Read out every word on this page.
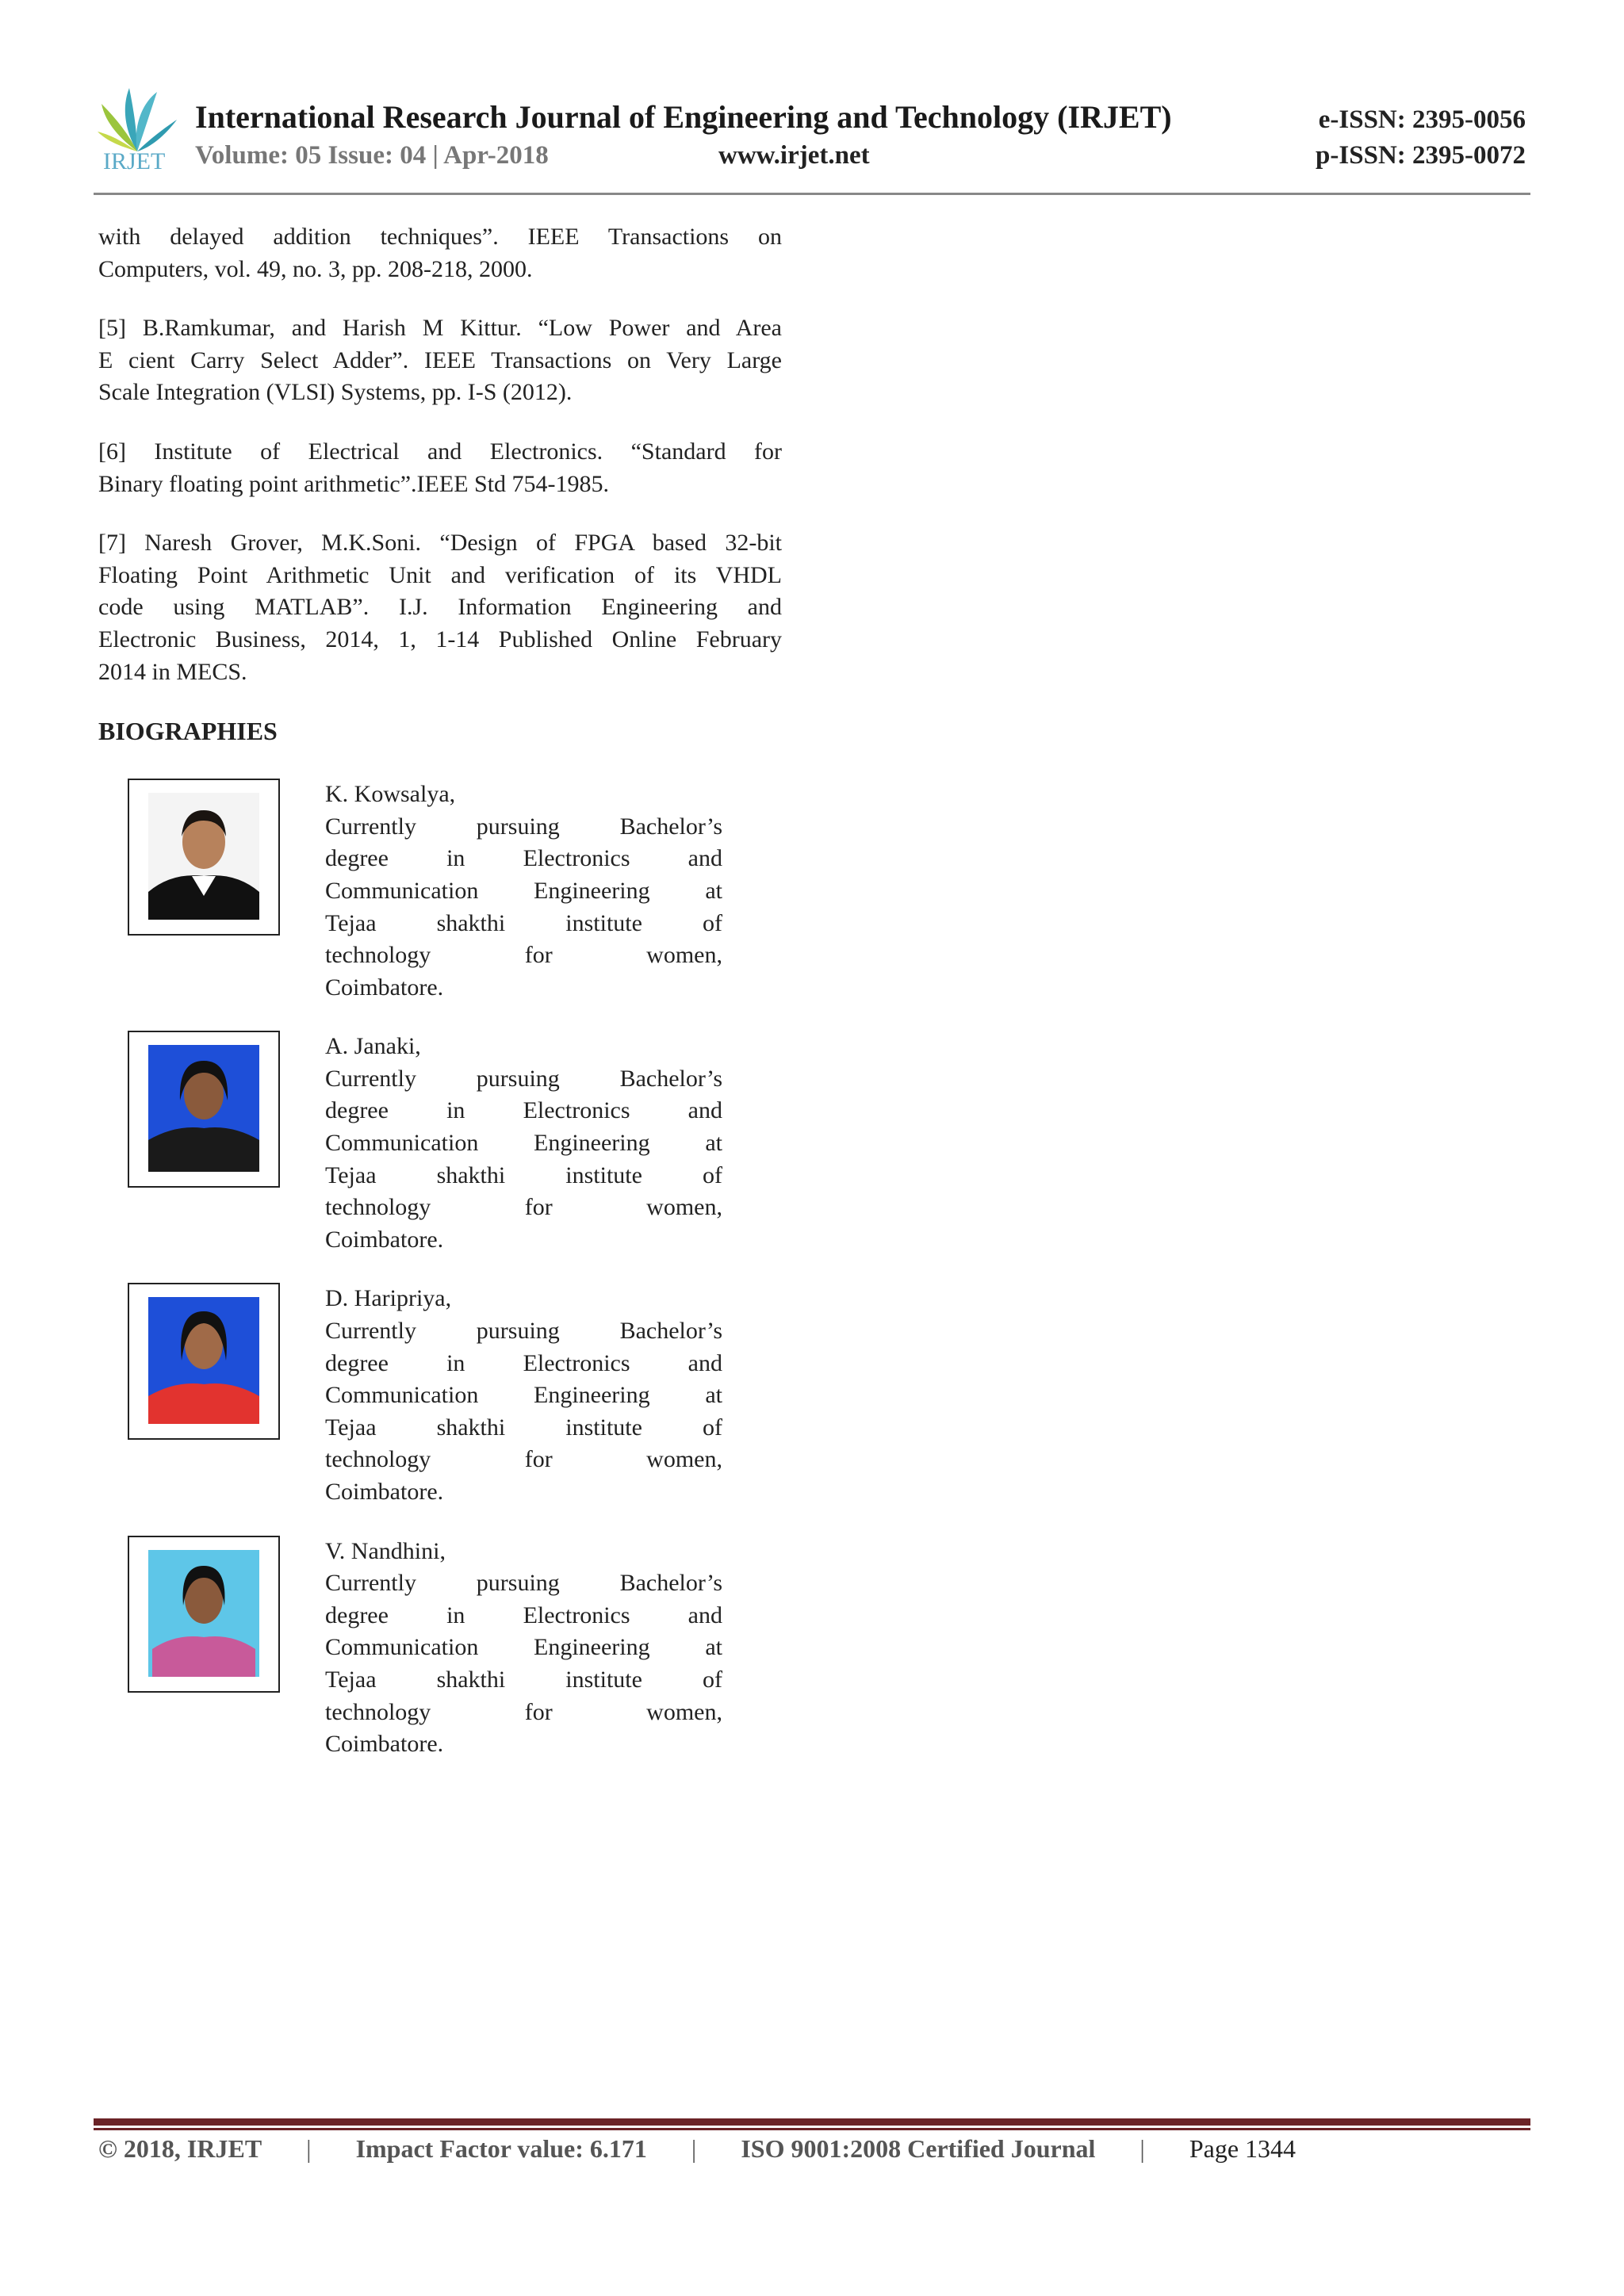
IRJET
International Research Journal of Engineering and Technology (IRJET)	e-ISSN: 2395-0056
Volume: 05 Issue: 04 | Apr-2018	www.irjet.net	p-ISSN: 2395-0072
with delayed addition techniques”. IEEE Transactions on
Computers, vol. 49, no. 3, pp. 208-218, 2000.
[5] B.Ramkumar, and Harish M Kittur. “Low Power and Area
E cient Carry Select Adder”. IEEE Transactions on Very Large
Scale Integration (VLSI) Systems, pp. I-S (2012).
[6] Institute of Electrical and Electronics. “Standard for
Binary floating point arithmetic”.IEEE Std 754-1985.
[7] Naresh Grover, M.K.Soni. “Design of FPGA based 32-bit
Floating Point Arithmetic Unit and verification of its VHDL
code using MATLAB”. I.J. Information Engineering and
Electronic Business, 2014, 1, 1-14 Published Online February
2014 in MECS.
BIOGRAPHIES
K. Kowsalya,
Currently pursuing Bachelor’s
degree in Electronics and
Communication Engineering at
Tejaa shakthi institute of
technology for women,
Coimbatore.
A. Janaki,
Currently pursuing Bachelor’s
degree in Electronics and
Communication Engineering at
Tejaa shakthi institute of
technology for women,
Coimbatore.
D. Haripriya,
Currently pursuing Bachelor’s
degree in Electronics and
Communication Engineering at
Tejaa shakthi institute of
technology for women,
Coimbatore.
V. Nandhini,
Currently pursuing Bachelor’s
degree in Electronics and
Communication Engineering at
Tejaa shakthi institute of
technology for women,
Coimbatore.
© 2018, IRJET | Impact Factor value: 6.171 | ISO 9001:2008 Certified Journal | Page 1344
